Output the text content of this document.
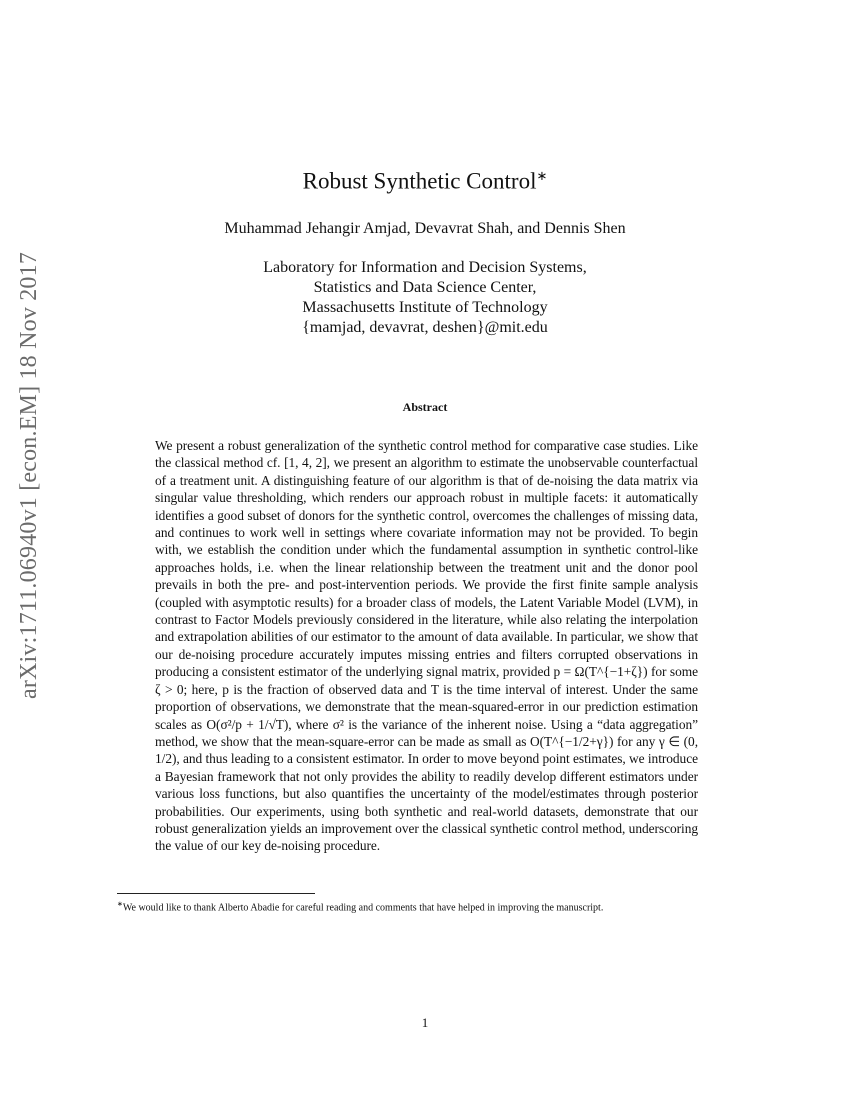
arXiv:1711.06940v1 [econ.EM] 18 Nov 2017
Robust Synthetic Control∗
Muhammad Jehangir Amjad, Devavrat Shah, and Dennis Shen
Laboratory for Information and Decision Systems,
Statistics and Data Science Center,
Massachusetts Institute of Technology
{mamjad, devavrat, deshen}@mit.edu
Abstract
We present a robust generalization of the synthetic control method for comparative case studies. Like the classical method cf. [1, 4, 2], we present an algorithm to estimate the unobservable counterfactual of a treatment unit. A distinguishing feature of our algorithm is that of de-noising the data matrix via singular value thresholding, which renders our approach robust in multiple facets: it automatically identifies a good subset of donors for the synthetic control, overcomes the challenges of missing data, and continues to work well in settings where covariate information may not be provided. To begin with, we establish the condition under which the fundamental assumption in synthetic control-like approaches holds, i.e. when the linear relationship between the treatment unit and the donor pool prevails in both the pre- and post-intervention periods. We provide the first finite sample analysis (coupled with asymptotic results) for a broader class of models, the Latent Variable Model (LVM), in contrast to Factor Models previously considered in the literature, while also relating the interpolation and extrapolation abilities of our estimator to the amount of data available. In particular, we show that our de-noising procedure accurately imputes missing entries and filters corrupted observations in producing a consistent estimator of the underlying signal matrix, provided p = Ω(T^{−1+ζ}) for some ζ > 0; here, p is the fraction of observed data and T is the time interval of interest. Under the same proportion of observations, we demonstrate that the mean-squared-error in our prediction estimation scales as O(σ²/p + 1/√T), where σ² is the variance of the inherent noise. Using a “data aggregation” method, we show that the mean-square-error can be made as small as O(T^{−1/2+γ}) for any γ ∈ (0, 1/2), and thus leading to a consistent estimator. In order to move beyond point estimates, we introduce a Bayesian framework that not only provides the ability to readily develop different estimators under various loss functions, but also quantifies the uncertainty of the model/estimates through posterior probabilities. Our experiments, using both synthetic and real-world datasets, demonstrate that our robust generalization yields an improvement over the classical synthetic control method, underscoring the value of our key de-noising procedure.
∗We would like to thank Alberto Abadie for careful reading and comments that have helped in improving the manuscript.
1
